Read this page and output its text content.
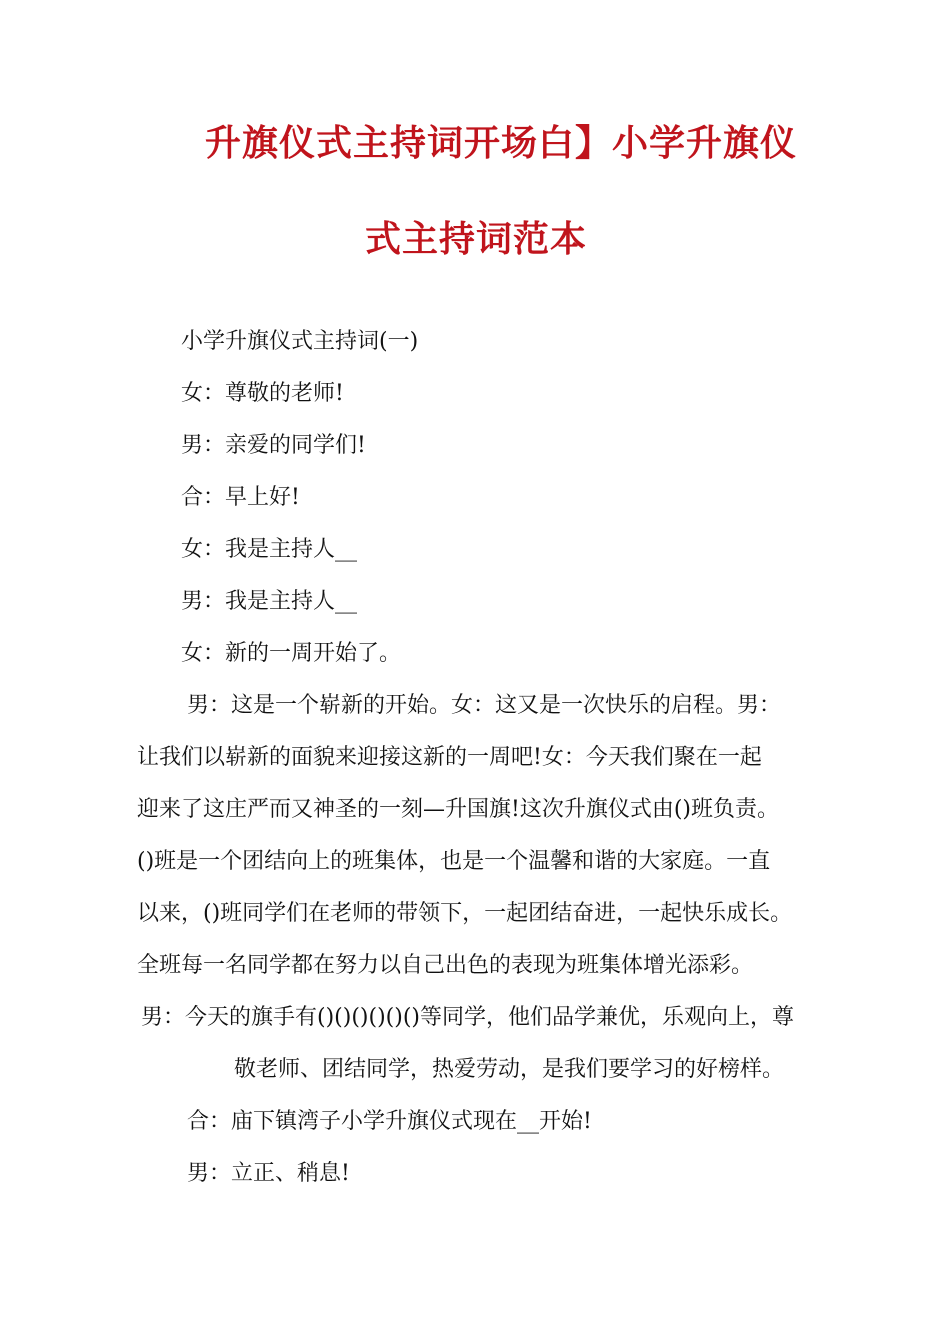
升旗仪式主持词开场白】小学升旗仪
式主持词范本
小学升旗仪式主持词(一)
女：尊敬的老师!
男：亲爱的同学们!
合：早上好!
女：我是主持人__
男：我是主持人__
女：新的一周开始了。
男：这是一个崭新的开始。女：这又是一次快乐的启程。男：
让我们以崭新的面貌来迎接这新的一周吧!女：今天我们聚在一起
迎来了这庄严而又神圣的一刻—升国旗!这次升旗仪式由()班负责。
()班是一个团结向上的班集体，也是一个温馨和谐的大家庭。一直
以来，()班同学们在老师的带领下，一起团结奋进，一起快乐成长。
全班每一名同学都在努力以自己出色的表现为班集体增光添彩。
男：今天的旗手有()()()()()()等同学，他们品学兼优，乐观向上，尊
敬老师、团结同学，热爱劳动，是我们要学习的好榜样。
合：庙下镇湾子小学升旗仪式现在__开始!
男：立正、稍息!
